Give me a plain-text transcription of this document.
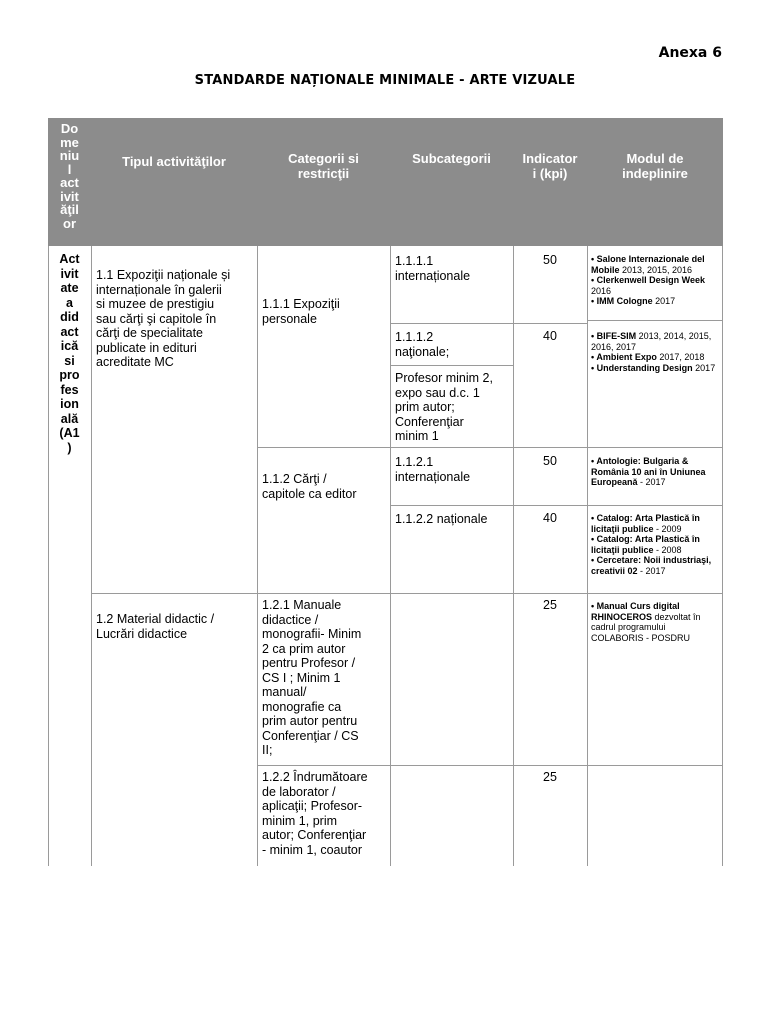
Anexa 6
STANDARDE NAȚIONALE MINIMALE - ARTE VIZUALE
Do
me
niu
l
act
ivit
ăţil
or
Tipul activităţilor	Categorii si
restricţii
Subcategorii	Indicator
i (kpi)
Modul de
indeplinire
Act
ivit
ate
a
did
act
ică
si
pro
fes
ion
ală
(A1
)
1.1 Expoziţii naționale și
internaționale în galerii
si muzee de prestigiu
sau cărţi şi capitole în
cărţi de specialitate
publicate in edituri
acreditate MC
1.2 Material didactic /
Lucrări didactice
1.1.1 Expoziţii
personale
1.1.2 Cărţi /
capitole ca editor
1.2.1 Manuale
didactice /
monografii- Minim
2 ca prim autor
pentru Profesor /
CS I ; Minim 1
manual/
monografie ca
prim autor pentru
Conferenţiar / CS
II;
1.2.2 Îndrumătoare
de laborator /
aplicaţii; Profesor-
minim 1, prim
autor; Conferenţiar
- minim 1, coautor
1.1.1.1
internaționale
1.1.1.2
naţionale;
Profesor minim 2,
expo sau d.c. 1
prim autor;
Conferenţiar
minim 1
1.1.2.1
internaționale
1.1.2.2 naționale
50
40
50
40
25
25
• Salone Internazionale del Mobile 2013, 2015, 2016
• Clerkenwell Design Week 2016
• IMM Cologne 2017
• BIFE-SIM 2013, 2014, 2015, 2016, 2017
• Ambient Expo 2017, 2018
• Understanding Design 2017
• Antologie: Bulgaria & România 10 ani în Uniunea Europeană - 2017
• Catalog: Arta Plastică în licitaţii publice - 2009
• Catalog: Arta Plastică în licitaţii publice - 2008
• Cercetare: Noii industriaşi, creativii 02 - 2017
• Manual Curs digital RHINOCEROS dezvoltat în cadrul programului COLABORIS - POSDRU
